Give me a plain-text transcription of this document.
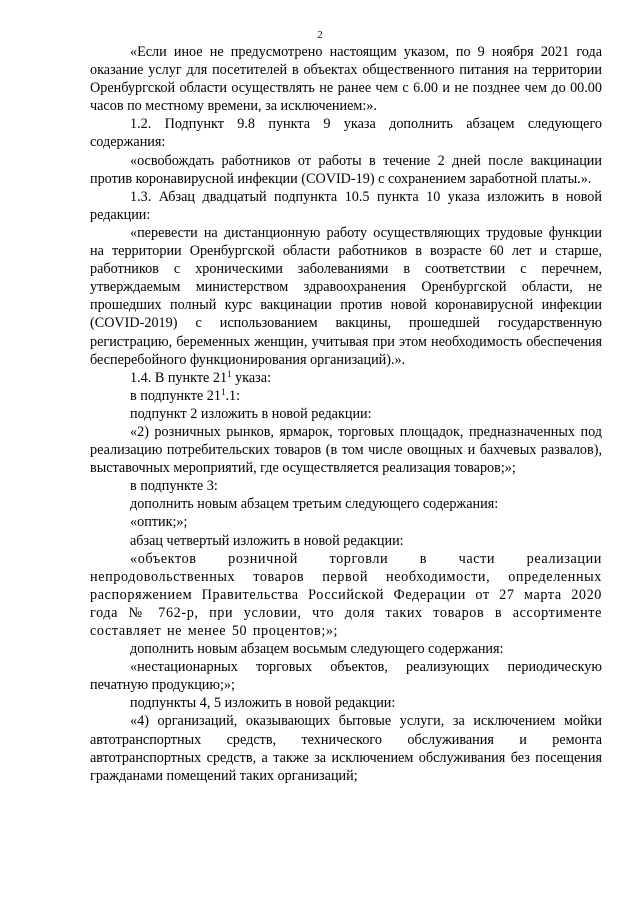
2

«Если иное не предусмотрено настоящим указом, по 9 ноября 2021 года оказание услуг для посетителей в объектах общественного питания на территории Оренбургской области осуществлять не ранее чем с 6.00 и не позднее чем до 00.00 часов по местному времени, за исключением:».

1.2. Подпункт 9.8 пункта 9 указа дополнить абзацем следующего содержания:

«освобождать работников от работы в течение 2 дней после вакцинации против коронавирусной инфекции (COVID-19) с сохранением заработной платы.».

1.3. Абзац двадцатый подпункта 10.5 пункта 10 указа изложить в новой редакции:

«перевести на дистанционную работу осуществляющих трудовые функции на территории Оренбургской области работников в возрасте 60 лет и старше, работников с хроническими заболеваниями в соответствии с перечнем, утверждаемым министерством здравоохранения Оренбургской области, не прошедших полный курс вакцинации против новой коронавирусной инфекции (COVID-2019) с использованием вакцины, прошедшей государственную регистрацию, беременных женщин, учитывая при этом необходимость обеспечения бесперебойного функционирования организаций).».

1.4. В пункте $21^1$ указа:

в подпункте $21^1.1$:

подпункт 2 изложить в новой редакции:

«2) розничных рынков, ярмарок, торговых площадок, предназначенных под реализацию потребительских товаров (в том числе овощных и бахчевых развалов), выставочных мероприятий, где осуществляется реализация товаров;»;

в подпункте 3:

дополнить новым абзацем третьим следующего содержания:

«оптик;»;

абзац четвертый изложить в новой редакции:

«объектов розничной торговли в части реализации непродовольственных товаров первой необходимости, определенных распоряжением Правительства Российской Федерации от 27 марта 2020 года № 762-р, при условии, что доля таких товаров в ассортименте составляет не менее 50 процентов;»;

дополнить новым абзацем восьмым следующего содержания:

«нестационарных торговых объектов, реализующих периодическую печатную продукцию;»;

подпункты 4, 5 изложить в новой редакции:

«4) организаций, оказывающих бытовые услуги, за исключением мойки автотранспортных средств, технического обслуживания и ремонта автотранспортных средств, а также за исключением обслуживания без посещения гражданами помещений таких организаций;
